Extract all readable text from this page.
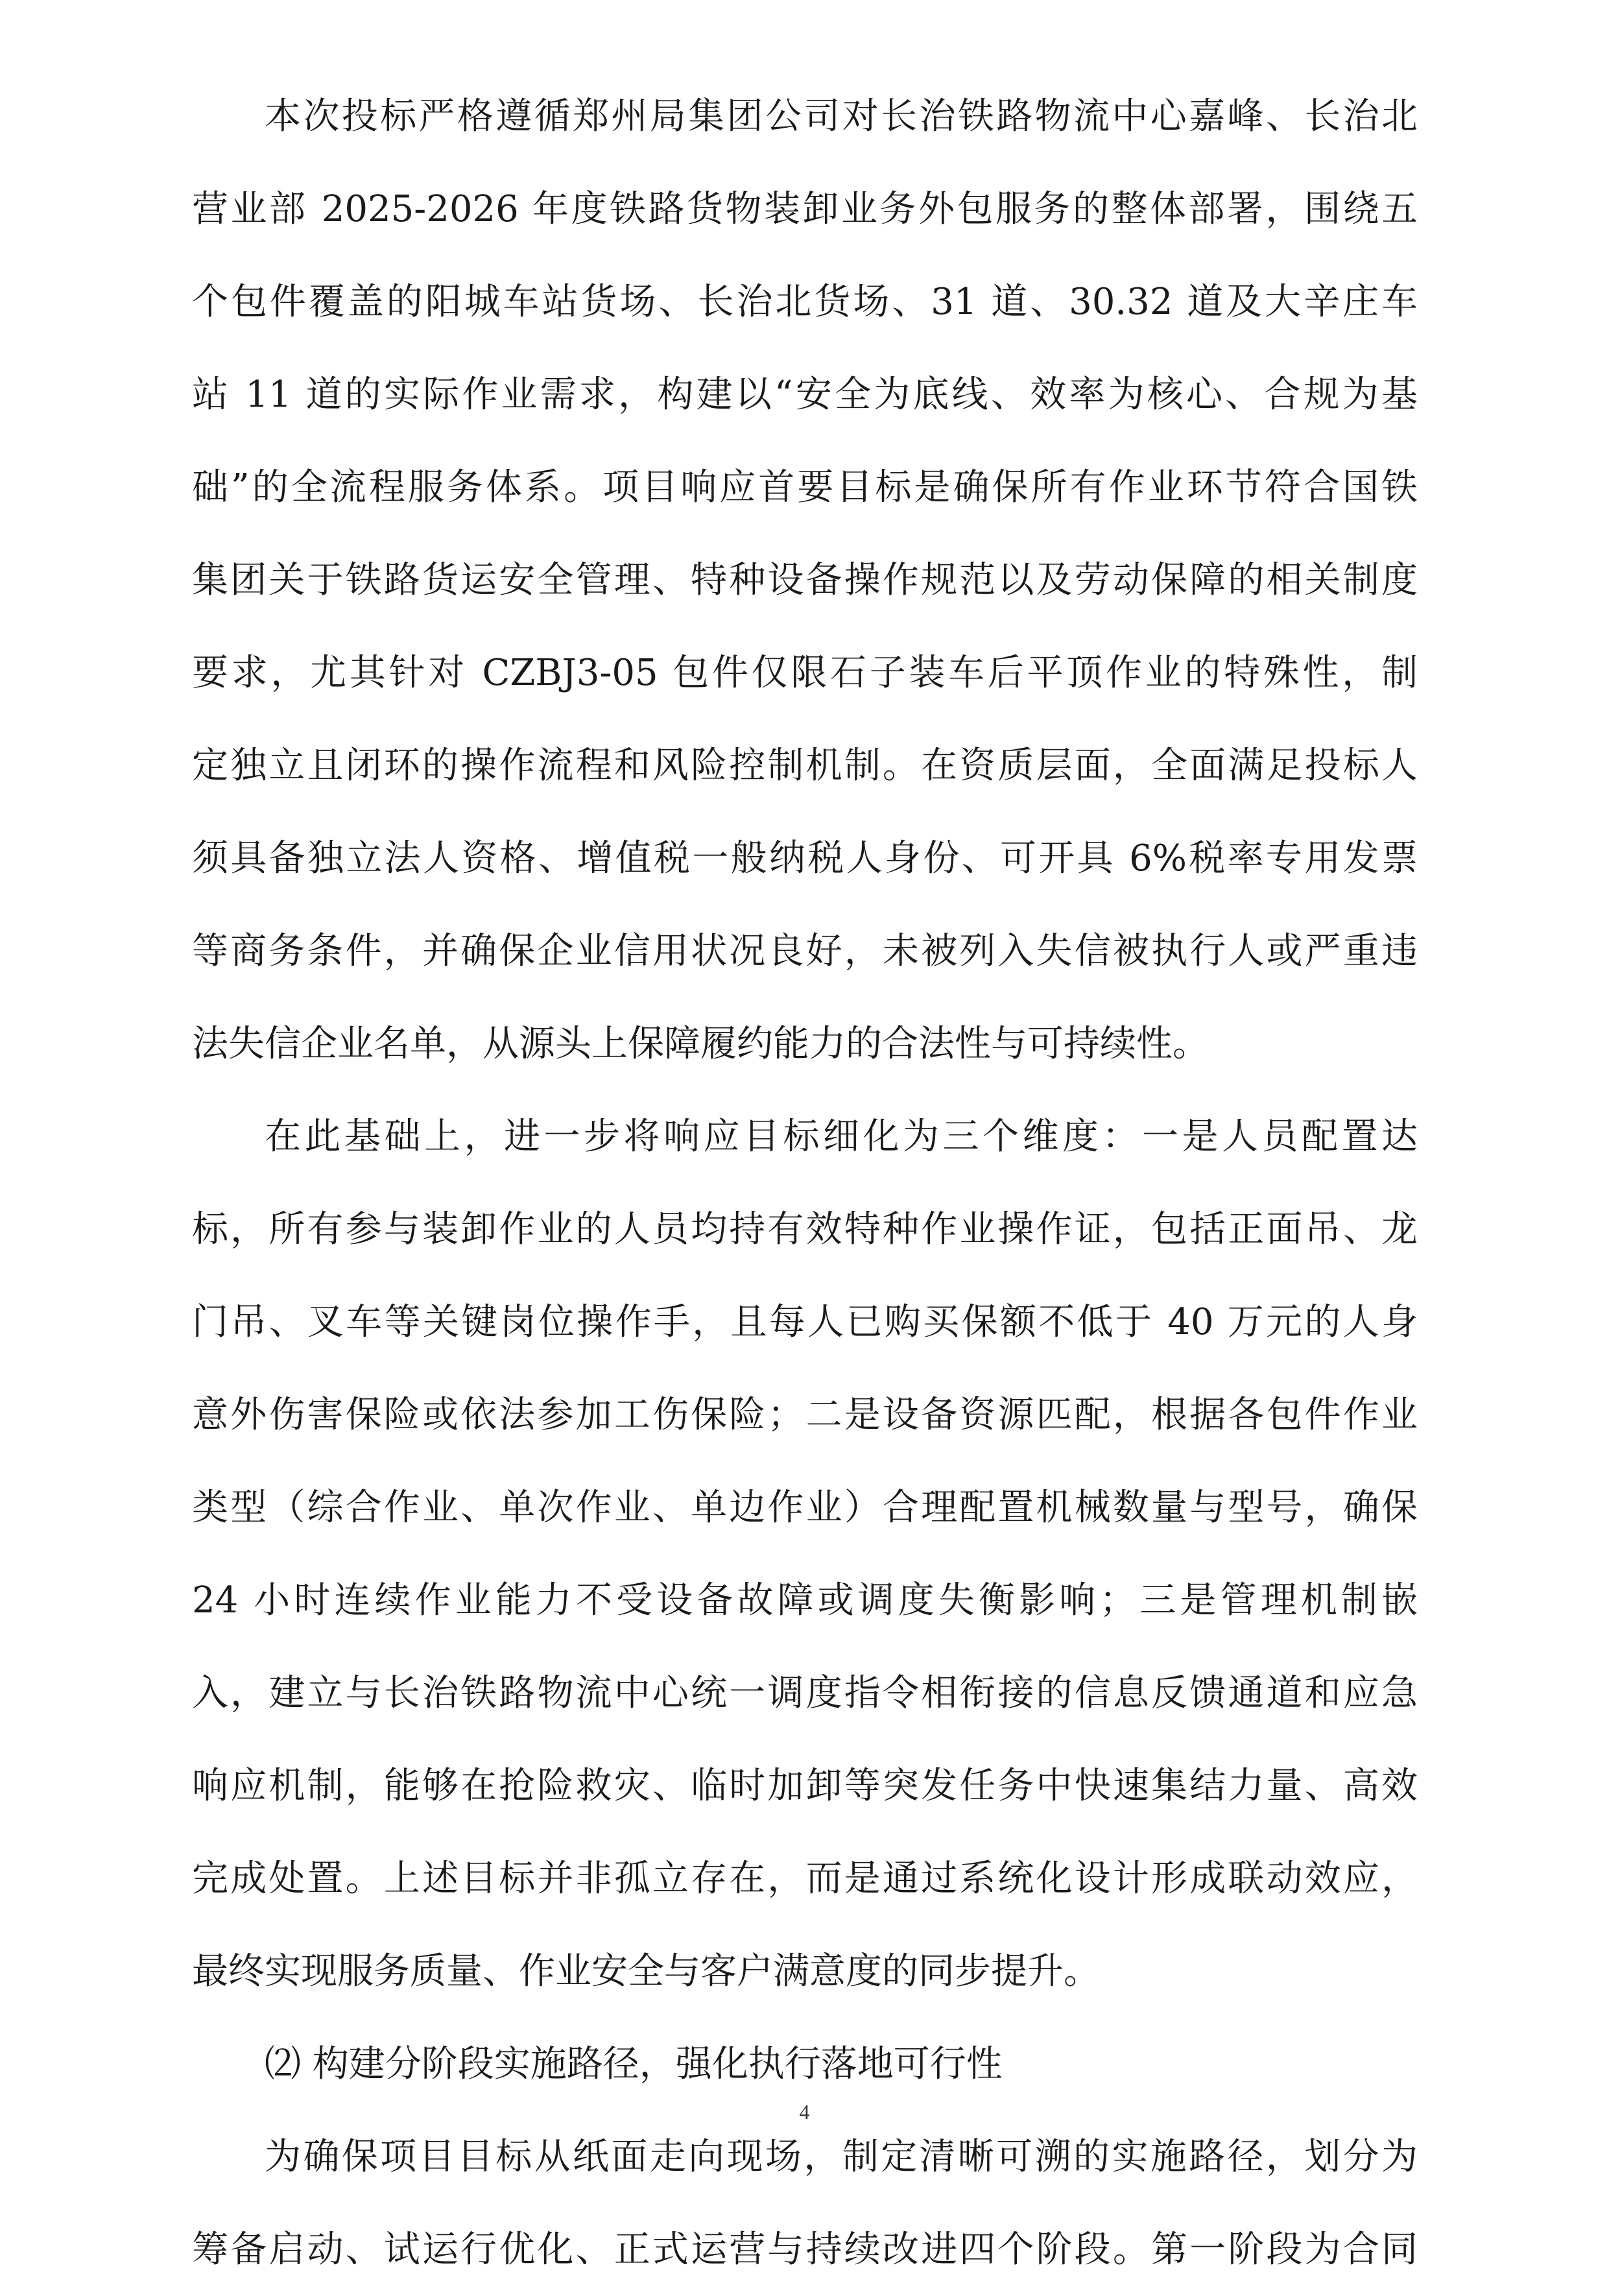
本次投标严格遵循郑州局集团公司对长治铁路物流中心嘉峰、长治北
营业部 2025-2026 年度铁路货物装卸业务外包服务的整体部署，围绕五
个包件覆盖的阳城车站货场、长治北货场、31 道、30.32 道及大辛庄车
站 11 道的实际作业需求，构建以“安全为底线、效率为核心、合规为基
础”的全流程服务体系。项目响应首要目标是确保所有作业环节符合国铁
集团关于铁路货运安全管理、特种设备操作规范以及劳动保障的相关制度
要求，尤其针对 CZBJ3-05 包件仅限石子装车后平顶作业的特殊性，制
定独立且闭环的操作流程和风险控制机制。在资质层面，全面满足投标人
须具备独立法人资格、增值税一般纳税人身份、可开具 6%税率专用发票
等商务条件，并确保企业信用状况良好，未被列入失信被执行人或严重违
法失信企业名单，从源头上保障履约能力的合法性与可持续性。
在此基础上，进一步将响应目标细化为三个维度：一是人员配置达
标，所有参与装卸作业的人员均持有效特种作业操作证，包括正面吊、龙
门吊、叉车等关键岗位操作手，且每人已购买保额不低于 40 万元的人身
意外伤害保险或依法参加工伤保险；二是设备资源匹配，根据各包件作业
类型（综合作业、单次作业、单边作业）合理配置机械数量与型号，确保
24 小时连续作业能力不受设备故障或调度失衡影响；三是管理机制嵌
入，建立与长治铁路物流中心统一调度指令相衔接的信息反馈通道和应急
响应机制，能够在抢险救灾、临时加卸等突发任务中快速集结力量、高效
完成处置。上述目标并非孤立存在，而是通过系统化设计形成联动效应，
最终实现服务质量、作业安全与客户满意度的同步提升。
⑵ 构建分阶段实施路径，强化执行落地可行性
为确保项目目标从纸面走向现场，制定清晰可溯的实施路径，划分为
筹备启动、试运行优化、正式运营与持续改进四个阶段。第一阶段为合同
4
